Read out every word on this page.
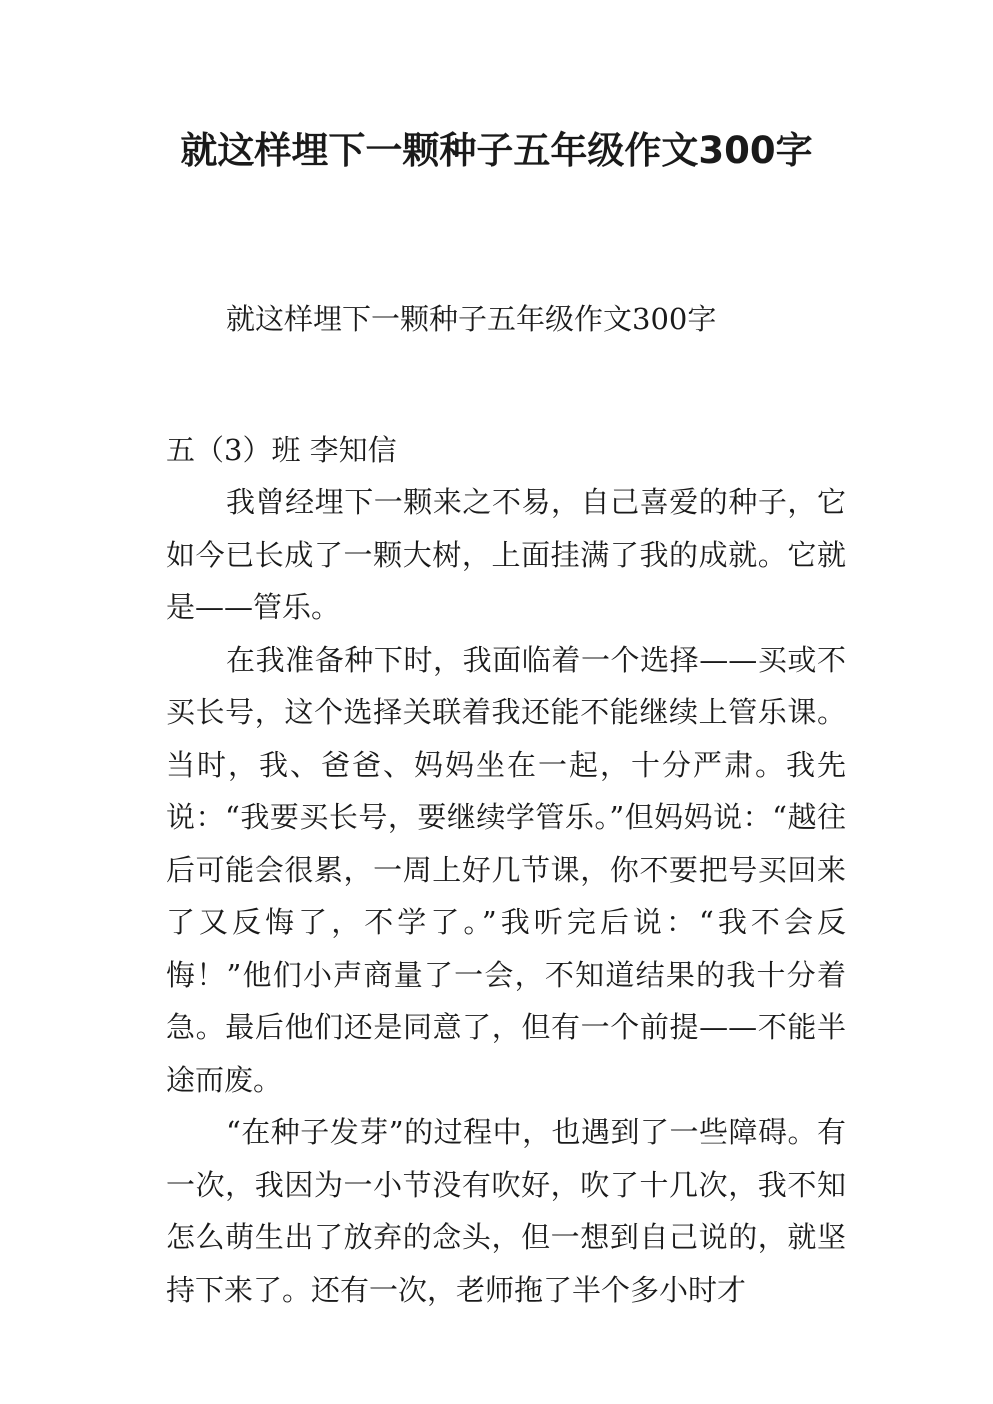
就这样埋下一颗种子五年级作文300字

就这样埋下一颗种子五年级作文300字

五（3）班 李知信

我曾经埋下一颗来之不易，自己喜爱的种子，它如今已长成了一颗大树，上面挂满了我的成就。它就是——管乐。

在我准备种下时，我面临着一个选择——买或不买长号，这个选择关联着我还能不能继续上管乐课。当时，我、爸爸、妈妈坐在一起，十分严肃。我先说：“我要买长号，要继续学管乐。”但妈妈说：“越往后可能会很累，一周上好几节课，你不要把号买回来了又反悔了，不学了。”我听完后说：“我不会反悔！”他们小声商量了一会，不知道结果的我十分着急。最后他们还是同意了，但有一个前提——不能半途而废。

“在种子发芽”的过程中，也遇到了一些障碍。有一次，我因为一小节没有吹好，吹了十几次，我不知怎么萌生出了放弃的念头，但一想到自己说的，就坚持下来了。还有一次，老师拖了半个多小时才
